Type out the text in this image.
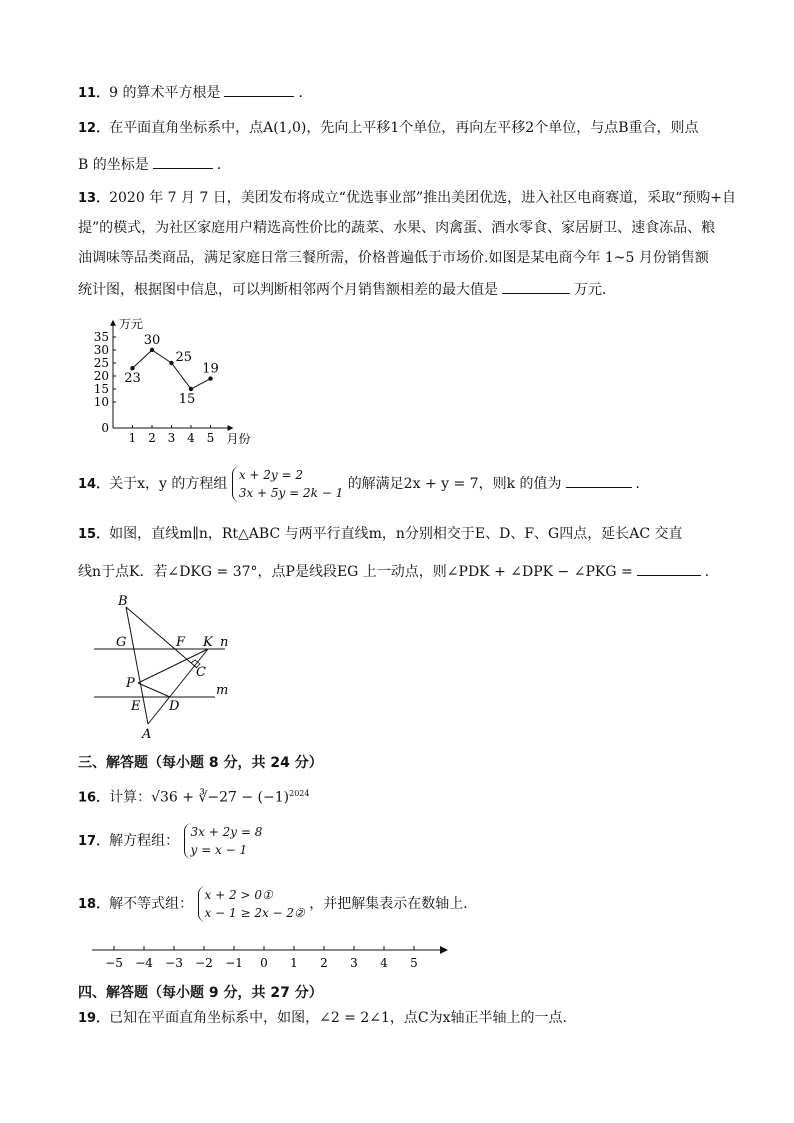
11．9 的算术平方根是	．
12．在平面直角坐标系中，点A(1,0)，先向上平移1个单位，再向左平移2个单位，与点B重合，则点
B 的坐标是	．
13．2020 年 7 月 7 日，美团发布将成立“优选事业部”推出美团优选，进入社区电商赛道，采取“预购+自
提”的模式，为社区家庭用户精选高性价比的蔬菜、水果、肉禽蛋、酒水零食、家居厨卫、速食冻品、粮
油调味等品类商品，满足家庭日常三餐所需，价格普遍低于市场价.如图是某电商今年 1~5 月份销售额
统计图，根据图中信息，可以判断相邻两个月销售额相差的最大值是	万元．
万元
月份
0
10
15
20
25
30
35
1 2 3 4 5
23
30
25
15
19
14．关于x，y 的方程组
x + 2y = 2
3x + 5y = 2k − 1
的解满足2x + y = 7，则k 的值为	．
15．如图，直线m∥n，Rt△ABC 与两平行直线m，n分别相交于E、D、F、G四点，延长AC 交直
线n于点K．若∠DKG = 37°，点P是线段EG 上一动点，则∠PDK + ∠DPK − ∠PKG =	．
B
G	F K n
C
P	m
E D
A
三、解答题（每小题 8 分，共 24 分）
16．计算：√36 + ∛−27 − $(-1)^{2024}$
17．解方程组：
3x + 2y = 8
y = x − 1
18．解不等式组：
x + 2 > 0①
x − 1 ≥ 2x − 2②
，并把解集表示在数轴上．
−5 −4 −3 −2 −1 0 1 2 3 4 5
四、解答题（每小题 9 分，共 27 分）
19．已知在平面直角坐标系中，如图，∠2 = 2∠1，点C为x轴正半轴上的一点．
